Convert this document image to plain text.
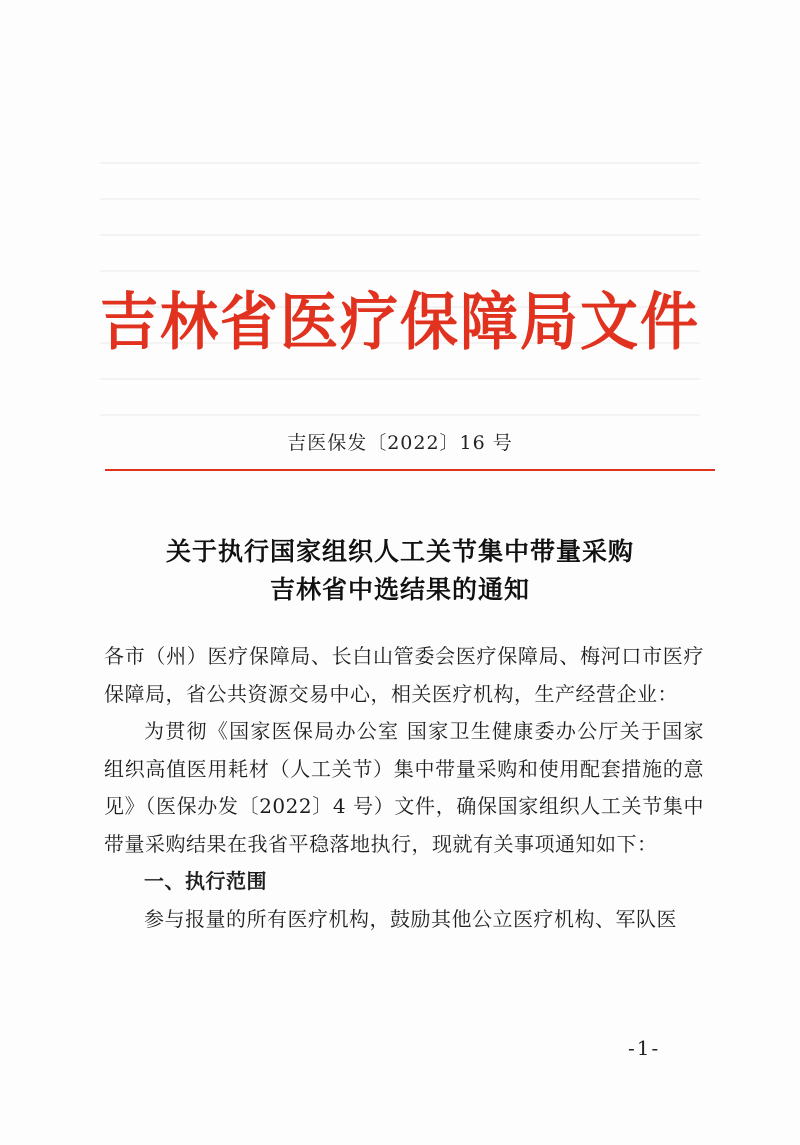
吉林省医疗保障局文件
吉医保发〔2022〕16 号
关于执行国家组织人工关节集中带量采购
吉林省中选结果的通知

各市（州）医疗保障局、长白山管委会医疗保障局、梅河口市医疗保障局，省公共资源交易中心，相关医疗机构，生产经营企业：

为贯彻《国家医保局办公室 国家卫生健康委办公厅关于国家组织高值医用耗材（人工关节）集中带量采购和使用配套措施的意见》（医保办发〔2022〕4 号）文件，确保国家组织人工关节集中带量采购结果在我省平稳落地执行，现就有关事项通知如下：

一、执行范围

参与报量的所有医疗机构，鼓励其他公立医疗机构、军队医

-1-
